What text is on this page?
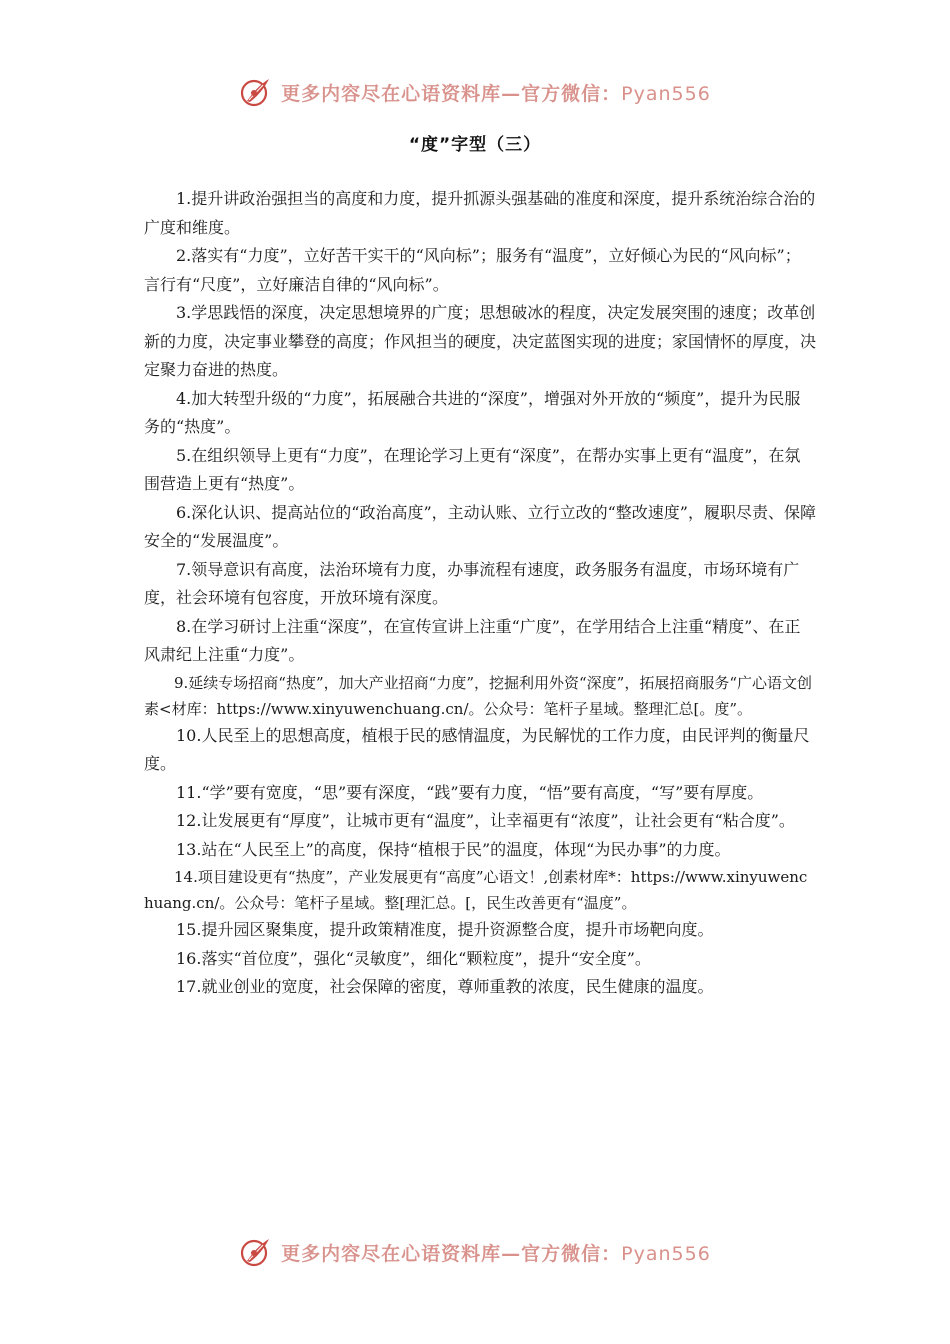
更多内容尽在心语资料库—官方微信：Pyan556
“度”字型（三）

1.提升讲政治强担当的高度和力度，提升抓源头强基础的准度和深度，提升系统治综合治的广度和维度。

2.落实有“力度”，立好苦干实干的“风向标”；服务有“温度”，立好倾心为民的“风向标”；言行有“尺度”，立好廉洁自律的“风向标”。

3.学思践悟的深度，决定思想境界的广度；思想破冰的程度，决定发展突围的速度；改革创新的力度，决定事业攀登的高度；作风担当的硬度，决定蓝图实现的进度；家国情怀的厚度，决定聚力奋进的热度。

4.加大转型升级的“力度”，拓展融合共进的“深度”，增强对外开放的“频度”，提升为民服务的“热度”。

5.在组织领导上更有“力度”，在理论学习上更有“深度”，在帮办实事上更有“温度”，在氛围营造上更有“热度”。

6.深化认识、提高站位的“政治高度”，主动认账、立行立改的“整改速度”，履职尽责、保障安全的“发展温度”。

7.领导意识有高度，法治环境有力度，办事流程有速度，政务服务有温度，市场环境有广度，社会环境有包容度，开放环境有深度。

8.在学习研讨上注重“深度”，在宣传宣讲上注重“广度”，在学用结合上注重“精度”、在正风肃纪上注重“力度”。

9.延续专场招商“热度”，加大产业招商“力度”，挖掘利用外资“深度”，拓展招商服务“广心语文创素<材库：https://www.xinyuwenchuang.cn/。公众号：笔杆子星域。整理汇总[。度”。

10.人民至上的思想高度，植根于民的感情温度，为民解忧的工作力度，由民评判的衡量尺度。

11.“学”要有宽度，“思”要有深度，“践”要有力度，“悟”要有高度，“写”要有厚度。

12.让发展更有“厚度”，让城市更有“温度”，让幸福更有“浓度”，让社会更有“粘合度”。

13.站在“人民至上”的高度，保持“植根于民”的温度，体现“为民办事”的力度。

14.项目建设更有“热度”，产业发展更有“高度”心语文！,创素材库*：https://www.xinyuwenchuang.cn/。公众号：笔杆子星域。整[理汇总。[，民生改善更有“温度”。

15.提升园区聚集度，提升政策精准度，提升资源整合度，提升市场靶向度。

16.落实“首位度”，强化“灵敏度”，细化“颗粒度”，提升“安全度”。

17.就业创业的宽度，社会保障的密度，尊师重教的浓度，民生健康的温度。

更多内容尽在心语资料库—官方微信：Pyan556
